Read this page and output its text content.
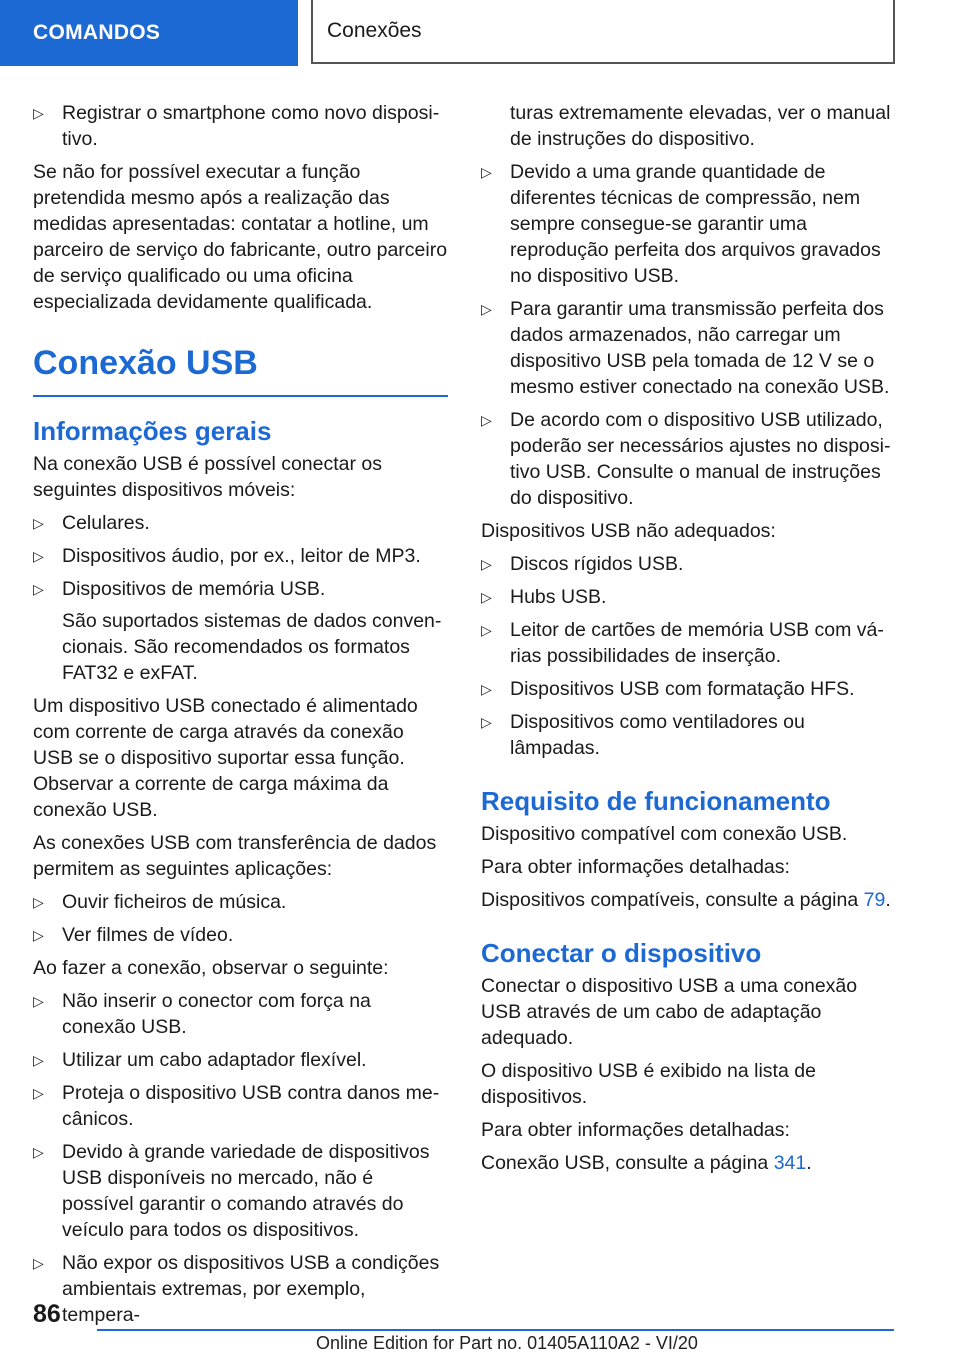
COMANDOS	Conexões
▷ Registrar o smartphone como novo dispositivo.

Se não for possível executar a função pretendida mesmo após a realização das medidas apresentadas: contatar a hotline, um parceiro de serviço do fabricante, outro parceiro de serviço qualificado ou uma oficina especializada devidamente qualificada.

Conexão USB
Informações gerais

Na conexão USB é possível conectar os seguintes dispositivos móveis:

▷ Celulares.
▷ Dispositivos áudio, por ex., leitor de MP3.
▷ Dispositivos de memória USB.
São suportados sistemas de dados convencionais. São recomendados os formatos FAT32 e exFAT.

Um dispositivo USB conectado é alimentado com corrente de carga através da conexão USB se o dispositivo suportar essa função. Observar a corrente de carga máxima da conexão USB.

As conexões USB com transferência de dados permitem as seguintes aplicações:

▷ Ouvir ficheiros de música.
▷ Ver filmes de vídeo.

Ao fazer a conexão, observar o seguinte:

▷ Não inserir o conector com força na conexão USB.
▷ Utilizar um cabo adaptador flexível.
▷ Proteja o dispositivo USB contra danos mecânicos.
▷ Devido à grande variedade de dispositivos USB disponíveis no mercado, não é possível garantir o comando através do veículo para todos os dispositivos.
▷ Não expor os dispositivos USB a condições ambientais extremas, por exemplo, tempera-
turas extremamente elevadas, ver o manual de instruções do dispositivo.
▷ Devido a uma grande quantidade de diferentes técnicas de compressão, nem sempre consegue-se garantir uma reprodução perfeita dos arquivos gravados no dispositivo USB.
▷ Para garantir uma transmissão perfeita dos dados armazenados, não carregar um dispositivo USB pela tomada de 12 V se o mesmo estiver conectado na conexão USB.
▷ De acordo com o dispositivo USB utilizado, poderão ser necessários ajustes no dispositivo USB. Consulte o manual de instruções do dispositivo.

Dispositivos USB não adequados:

▷ Discos rígidos USB.
▷ Hubs USB.
▷ Leitor de cartões de memória USB com várias possibilidades de inserção.
▷ Dispositivos USB com formatação HFS.
▷ Dispositivos como ventiladores ou lâmpadas.
Requisito de funcionamento

Dispositivo compatível com conexão USB.

Para obter informações detalhadas:

Dispositivos compatíveis, consulte a página 79.

Conectar o dispositivo

Conectar o dispositivo USB a uma conexão USB através de um cabo de adaptação adequado.

O dispositivo USB é exibido na lista de dispositivos.

Para obter informações detalhadas:

Conexão USB, consulte a página 341.

86
Online Edition for Part no. 01405A110A2 - VI/20
